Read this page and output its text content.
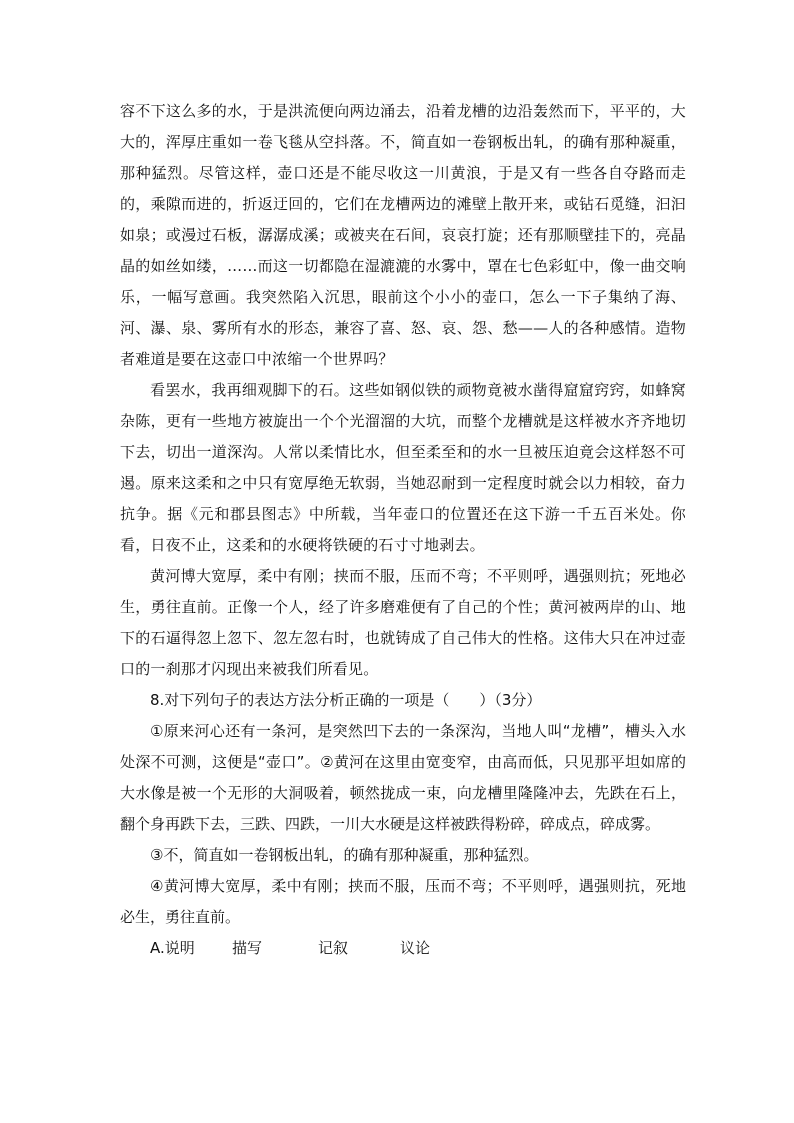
容不下这么多的水，于是洪流便向两边涌去，沿着龙槽的边沿轰然而下，平平的，大大的，浑厚庄重如一卷飞毯从空抖落。不，简直如一卷钢板出轧，的确有那种凝重，那种猛烈。尽管这样，壶口还是不能尽收这一川黄浪，于是又有一些各自夺路而走的，乘隙而进的，折返迂回的，它们在龙槽两边的滩壁上散开来，或钻石觅缝，汩汩如泉；或漫过石板，潺潺成溪；或被夹在石间，哀哀打旋；还有那顺壁挂下的，亮晶晶的如丝如缕，……而这一切都隐在湿漉漉的水雾中，罩在七色彩虹中，像一曲交响乐，一幅写意画。我突然陷入沉思，眼前这个小小的壶口，怎么一下子集纳了海、河、瀑、泉、雾所有水的形态，兼容了喜、怒、哀、怨、愁——人的各种感情。造物者难道是要在这壶口中浓缩一个世界吗？

看罢水，我再细观脚下的石。这些如钢似铁的顽物竟被水凿得窟窟窍窍，如蜂窝杂陈，更有一些地方被旋出一个个光溜溜的大坑，而整个龙槽就是这样被水齐齐地切下去，切出一道深沟。人常以柔情比水，但至柔至和的水一旦被压迫竟会这样怒不可遏。原来这柔和之中只有宽厚绝无软弱，当她忍耐到一定程度时就会以力相较，奋力抗争。据《元和郡县图志》中所载，当年壶口的位置还在这下游一千五百米处。你看，日夜不止，这柔和的水硬将铁硬的石寸寸地剥去。

黄河博大宽厚，柔中有刚；挟而不服，压而不弯；不平则呼，遇强则抗；死地必生，勇往直前。正像一个人，经了许多磨难便有了自己的个性；黄河被两岸的山、地下的石逼得忽上忽下、忽左忽右时，也就铸成了自己伟大的性格。这伟大只在冲过壶口的一刹那才闪现出来被我们所看见。

8.对下列句子的表达方法分析正确的一项是（　　）（3分）

①原来河心还有一条河，是突然凹下去的一条深沟，当地人叫“龙槽”，槽头入水处深不可测，这便是“壶口”。②黄河在这里由宽变窄，由高而低，只见那平坦如席的大水像是被一个无形的大洞吸着，顿然拢成一束，向龙槽里隆隆冲去，先跌在石上，翻个身再跌下去，三跌、四跌，一川大水硬是这样被跌得粉碎，碎成点，碎成雾。

③不，简直如一卷钢板出轧，的确有那种凝重，那种猛烈。

④黄河博大宽厚，柔中有刚；挟而不服，压而不弯；不平则呼，遇强则抗，死地必生，勇往直前。

A.说明	描写	记叙	议论
